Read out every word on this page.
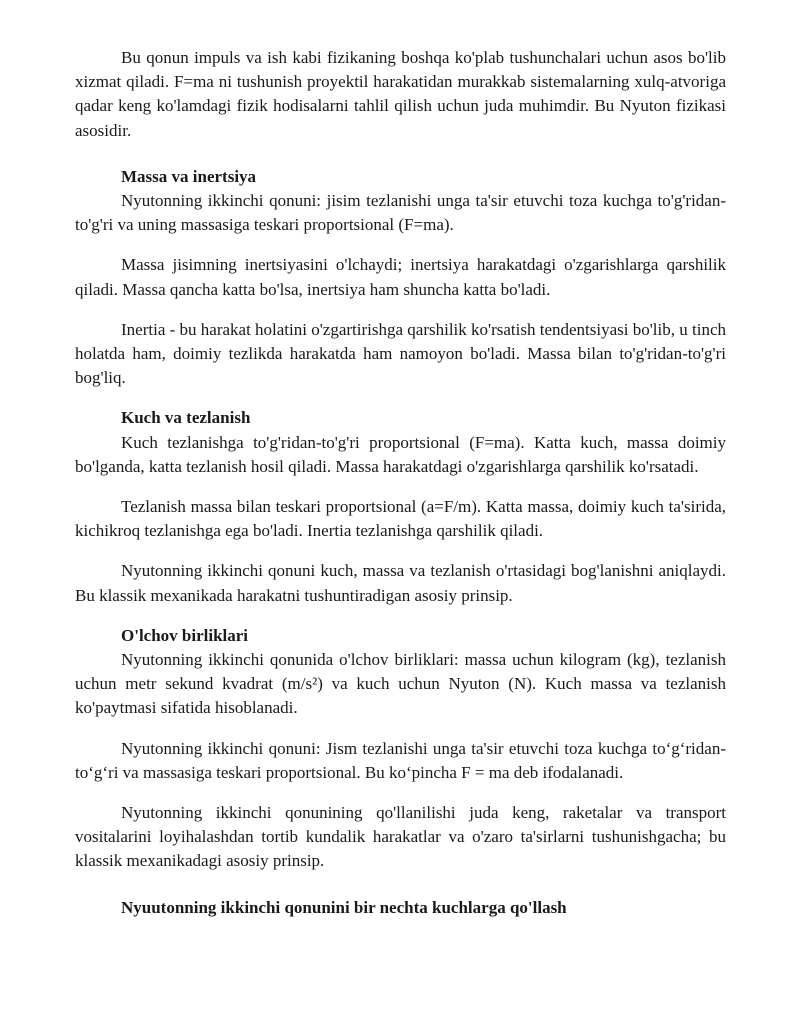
Bu qonun impuls va ish kabi fizikaning boshqa ko'plab tushunchalari uchun asos bo'lib xizmat qiladi. F=ma ni tushunish proyektil harakatidan murakkab sistemalarning xulq-atvoriga qadar keng ko'lamdagi fizik hodisalarni tahlil qilish uchun juda muhimdir. Bu Nyuton fizikasi asosidir.

Massa va inertsiya

Nyutonning ikkinchi qonuni: jisim tezlanishi unga ta'sir etuvchi toza kuchga to'g'ridan-to'g'ri va uning massasiga teskari proportsional (F=ma).

Massa jisimning inertsiyasini o'lchaydi; inertsiya harakatdagi o'zgarishlarga qarshilik qiladi. Massa qancha katta bo'lsa, inertsiya ham shuncha katta bo'ladi.

Inertia - bu harakat holatini o'zgartirishga qarshilik ko'rsatish tendentsiyasi bo'lib, u tinch holatda ham, doimiy tezlikda harakatda ham namoyon bo'ladi. Massa bilan to'g'ridan-to'g'ri bog'liq.

Kuch va tezlanish

Kuch tezlanishga to'g'ridan-to'g'ri proportsional (F=ma). Katta kuch, massa doimiy bo'lganda, katta tezlanish hosil qiladi. Massa harakatdagi o'zgarishlarga qarshilik ko'rsatadi.

Tezlanish massa bilan teskari proportsional (a=F/m). Katta massa, doimiy kuch ta'sirida, kichikroq tezlanishga ega bo'ladi. Inertia tezlanishga qarshilik qiladi.

Nyutonning ikkinchi qonuni kuch, massa va tezlanish o'rtasidagi bog'lanishni aniqlaydi. Bu klassik mexanikada harakatni tushuntiradigan asosiy prinsip.

O'lchov birliklari

Nyutonning ikkinchi qonunida o'lchov birliklari: massa uchun kilogram (kg), tezlanish uchun metr sekund kvadrat (m/s²) va kuch uchun Nyuton (N). Kuch massa va tezlanish ko'paytmasi sifatida hisoblanadi.

Nyutonning ikkinchi qonuni: Jism tezlanishi unga ta'sir etuvchi toza kuchga to‘g‘ridan-to‘g‘ri va massasiga teskari proportsional. Bu ko‘pincha F = ma deb ifodalanadi.

Nyutonning ikkinchi qonunining qo'llanilishi juda keng, raketalar va transport vositalarini loyihalashdan tortib kundalik harakatlar va o'zaro ta'sirlarni tushunishgacha; bu klassik mexanikadagi asosiy prinsip.

Nyuutonning ikkinchi qonunini bir nechta kuchlarga qo'llash
